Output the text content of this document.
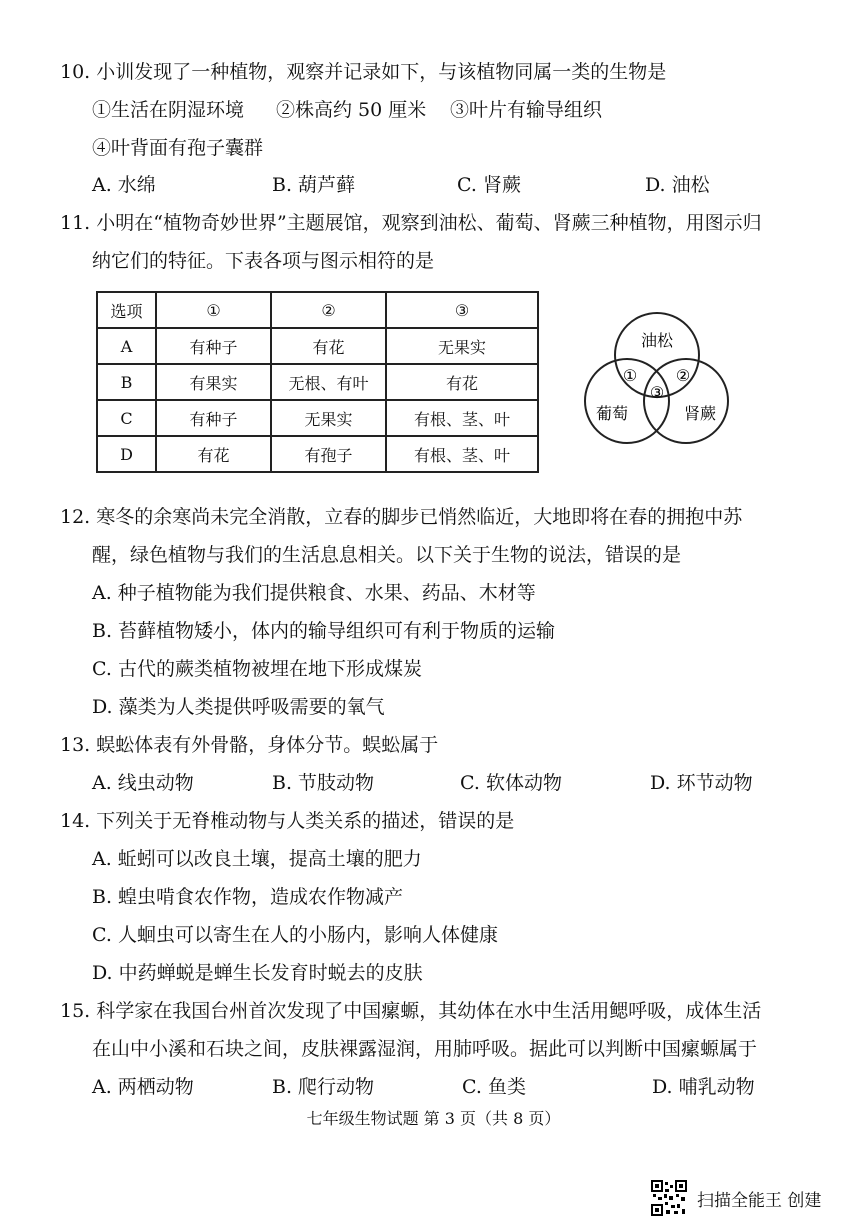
10. 小训发现了一种植物，观察并记录如下，与该植物同属一类的生物是
①生活在阴湿环境 ②株高约 50 厘米 ③叶片有输导组织
④叶背面有孢子囊群
A. 水绵	B. 葫芦藓	C. 肾蕨	D. 油松
11. 小明在“植物奇妙世界”主题展馆，观察到油松、葡萄、肾蕨三种植物，用图示归
纳它们的特征。下表各项与图示相符的是
选项	①	②	③
A	有种子	有花	无果实
B	有果实	无根、有叶	有花
C	有种子	无果实	有根、茎、叶
D	有花	有孢子	有根、茎、叶
油松
葡萄	肾蕨
① ②
③
12. 寒冬的余寒尚未完全消散，立春的脚步已悄然临近，大地即将在春的拥抱中苏
醒，绿色植物与我们的生活息息相关。以下关于生物的说法，错误的是
A. 种子植物能为我们提供粮食、水果、药品、木材等
B. 苔藓植物矮小，体内的输导组织可有利于物质的运输
C. 古代的蕨类植物被埋在地下形成煤炭
D. 藻类为人类提供呼吸需要的氧气
13. 蜈蚣体表有外骨骼，身体分节。蜈蚣属于
A. 线虫动物	B. 节肢动物	C. 软体动物	D. 环节动物
14. 下列关于无脊椎动物与人类关系的描述，错误的是
A. 蚯蚓可以改良土壤，提高土壤的肥力
B. 蝗虫啃食农作物，造成农作物减产
C. 人蛔虫可以寄生在人的小肠内，影响人体健康
D. 中药蝉蜕是蝉生长发育时蜕去的皮肤
15. 科学家在我国台州首次发现了中国瘰螈，其幼体在水中生活用鳃呼吸，成体生活
在山中小溪和石块之间，皮肤裸露湿润，用肺呼吸。据此可以判断中国瘰螈属于
A. 两栖动物	B. 爬行动物	C. 鱼类	D. 哺乳动物
七年级生物试题 第 3 页（共 8 页）
扫描全能王 创建
